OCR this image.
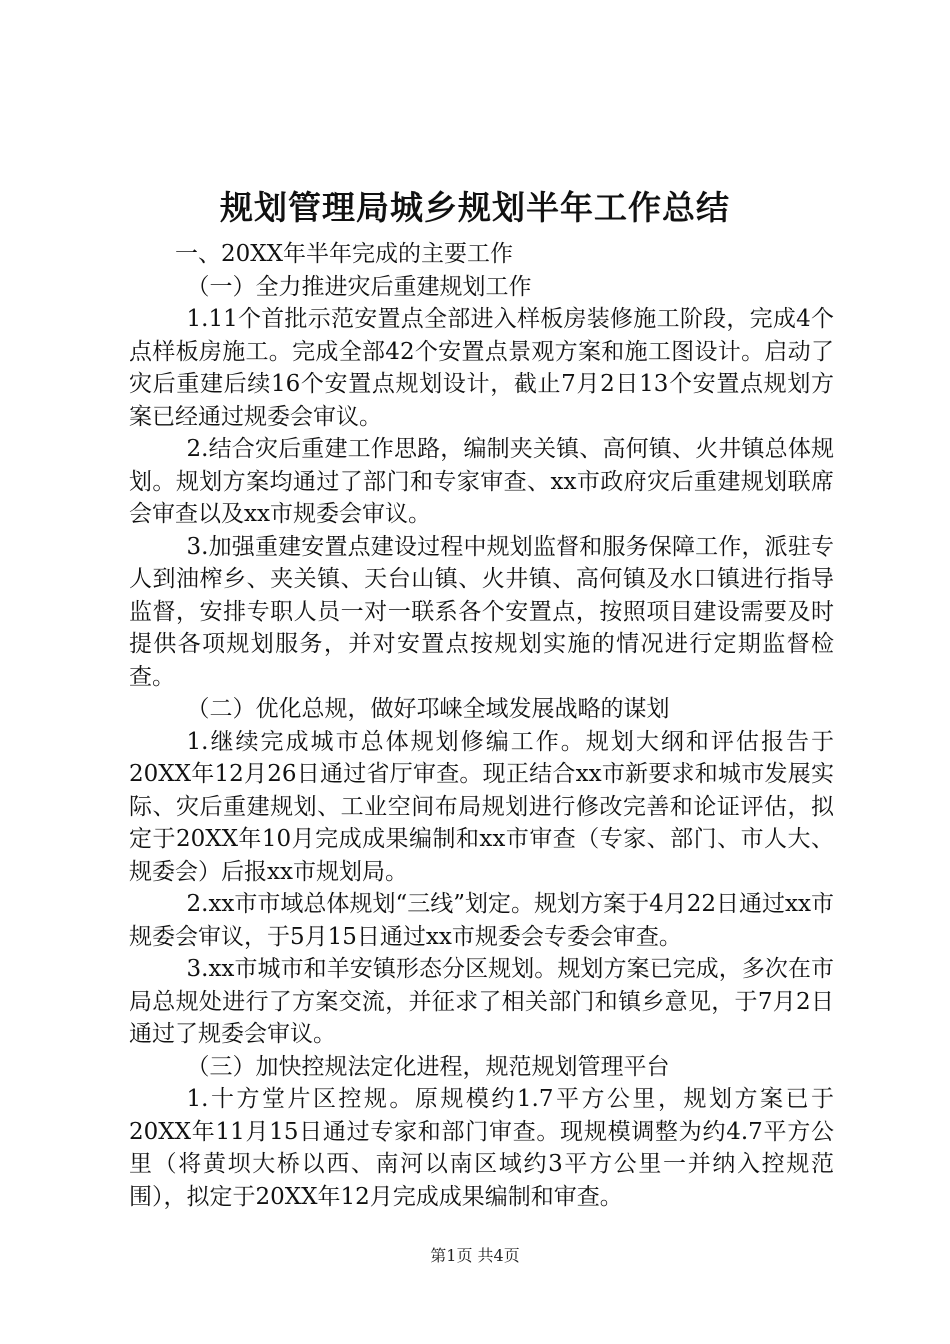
规划管理局城乡规划半年工作总结

一、20XX年半年完成的主要工作

（一）全力推进灾后重建规划工作

1.11个首批示范安置点全部进入样板房装修施工阶段，完成4个点样板房施工。完成全部42个安置点景观方案和施工图设计。启动了灾后重建后续16个安置点规划设计，截止7月2日13个安置点规划方案已经通过规委会审议。

2.结合灾后重建工作思路，编制夹关镇、高何镇、火井镇总体规划。规划方案均通过了部门和专家审查、xx市政府灾后重建规划联席会审查以及xx市规委会审议。

3.加强重建安置点建设过程中规划监督和服务保障工作，派驻专人到油榨乡、夹关镇、天台山镇、火井镇、高何镇及水口镇进行指导监督，安排专职人员一对一联系各个安置点，按照项目建设需要及时提供各项规划服务，并对安置点按规划实施的情况进行定期监督检查。

（二）优化总规，做好邛崃全域发展战略的谋划

1.继续完成城市总体规划修编工作。规划大纲和评估报告于20XX年12月26日通过省厅审查。现正结合xx市新要求和城市发展实际、灾后重建规划、工业空间布局规划进行修改完善和论证评估，拟定于20XX年10月完成成果编制和xx市审查（专家、部门、市人大、规委会）后报xx市规划局。

2.xx市市域总体规划“三线”划定。规划方案于4月22日通过xx市规委会审议，于5月15日通过xx市规委会专委会审查。

3.xx市城市和羊安镇形态分区规划。规划方案已完成，多次在市局总规处进行了方案交流，并征求了相关部门和镇乡意见，于7月2日通过了规委会审议。

（三）加快控规法定化进程，规范规划管理平台

1.十方堂片区控规。原规模约1.7平方公里，规划方案已于20XX年11月15日通过专家和部门审查。现规模调整为约4.7平方公里（将黄坝大桥以西、南河以南区域约3平方公里一并纳入控规范围），拟定于20XX年12月完成成果编制和审查。

第1页 共4页
